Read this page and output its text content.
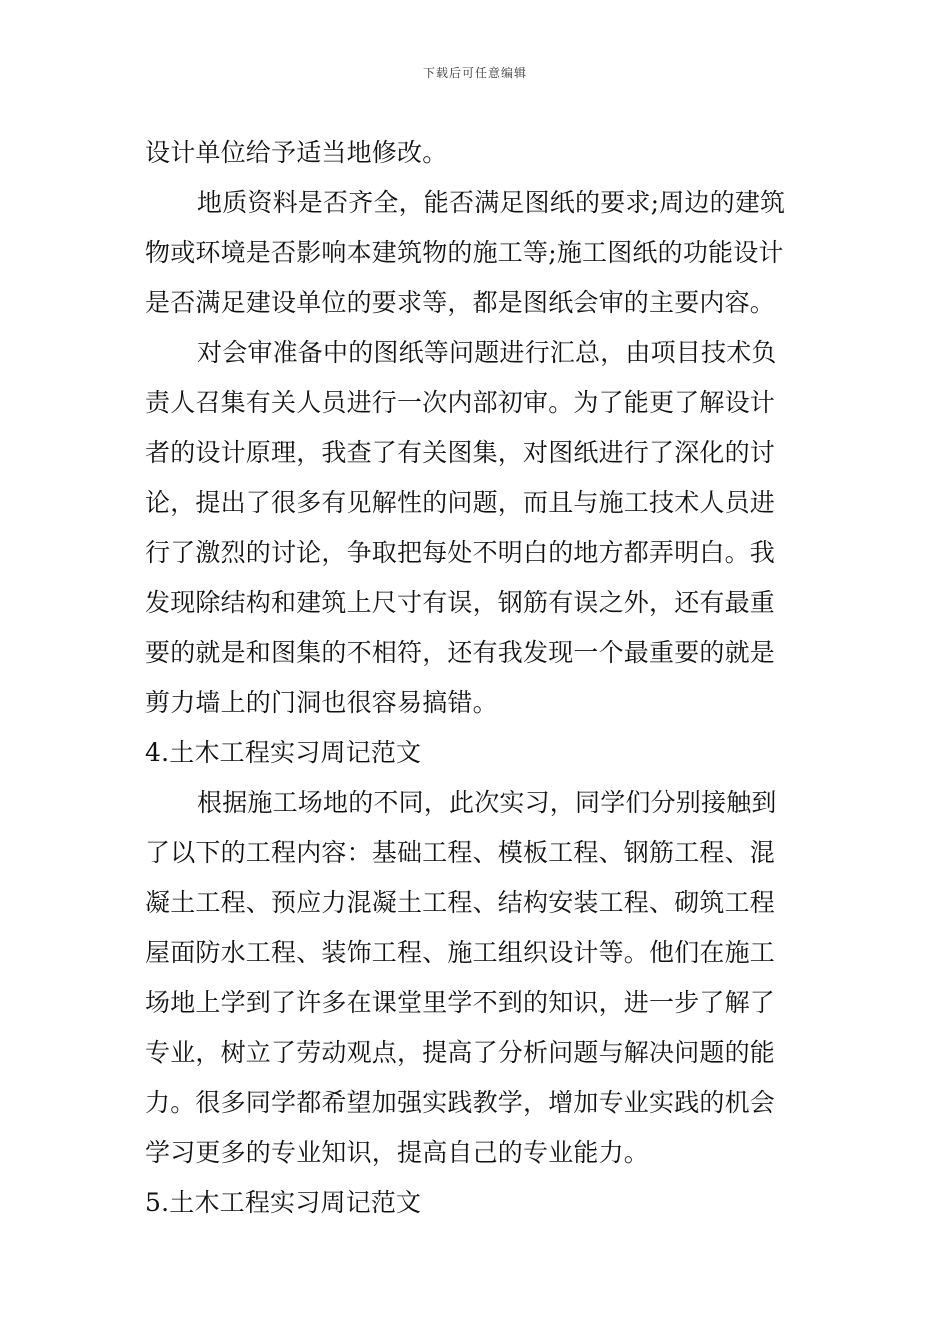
下载后可任意编辑
设计单位给予适当地修改。
地质资料是否齐全，能否满足图纸的要求;周边的建筑
物或环境是否影响本建筑物的施工等;施工图纸的功能设计
是否满足建设单位的要求等，都是图纸会审的主要内容。
对会审准备中的图纸等问题进行汇总，由项目技术负
责人召集有关人员进行一次内部初审。为了能更了解设计
者的设计原理，我查了有关图集，对图纸进行了深化的讨
论，提出了很多有见解性的问题，而且与施工技术人员进
行了激烈的讨论，争取把每处不明白的地方都弄明白。我
发现除结构和建筑上尺寸有误，钢筋有误之外，还有最重
要的就是和图集的不相符，还有我发现一个最重要的就是
剪力墙上的门洞也很容易搞错。
4.土木工程实习周记范文
根据施工场地的不同，此次实习，同学们分别接触到
了以下的工程内容：基础工程、模板工程、钢筋工程、混
凝土工程、预应力混凝土工程、结构安装工程、砌筑工程
屋面防水工程、装饰工程、施工组织设计等。他们在施工
场地上学到了许多在课堂里学不到的知识，进一步了解了
专业，树立了劳动观点，提高了分析问题与解决问题的能
力。很多同学都希望加强实践教学，增加专业实践的机会
学习更多的专业知识，提高自己的专业能力。
5.土木工程实习周记范文
